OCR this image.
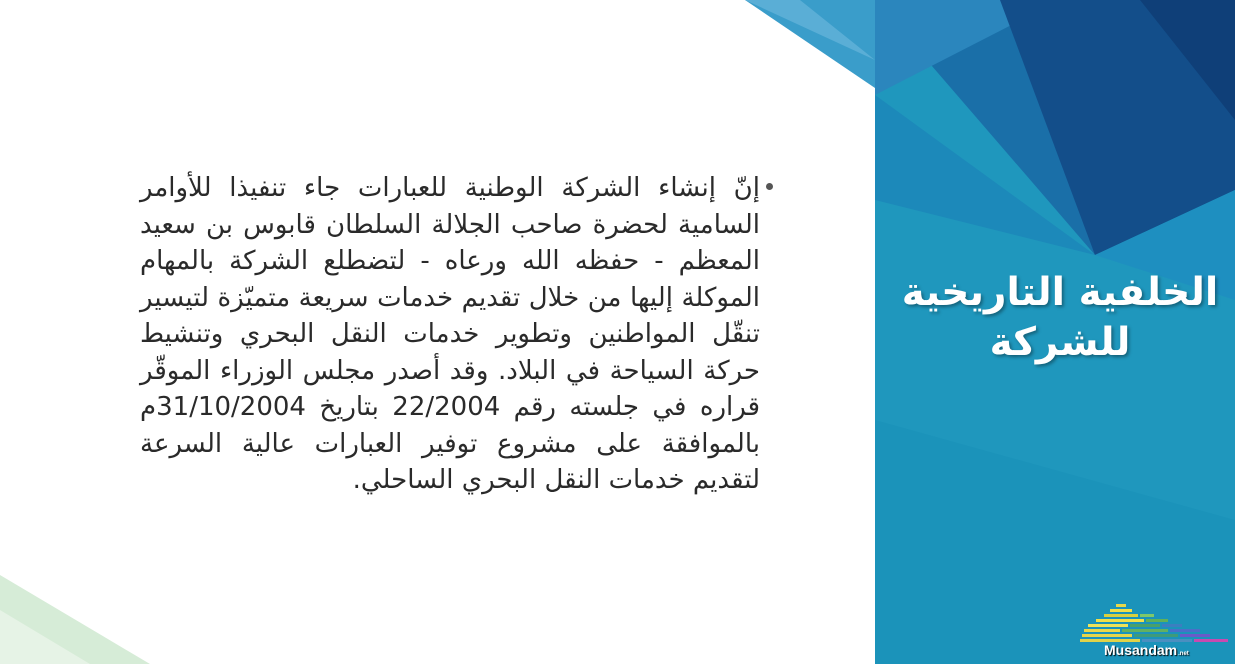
الخلفية التاريخية
للشركة
إنّ إنشاء الشركة الوطنية للعبارات جاء تنفيذا للأوامر السامية لحضرة صاحب الجلالة السلطان قابوس بن سعيد المعظم - حفظه الله ورعاه - لتضطلع الشركة بالمهام الموكلة إليها من خلال تقديم خدمات سريعة متميّزة لتيسير تنقّل المواطنين وتطوير خدمات النقل البحري وتنشيط حركة السياحة في البلاد. وقد أصدر مجلس الوزراء الموقّر قراره في جلسته رقم 22/2004 بتاريخ 31/10/2004م بالموافقة على مشروع توفير العبارات عالية السرعة لتقديم خدمات النقل البحري الساحلي.
Musandam.net
